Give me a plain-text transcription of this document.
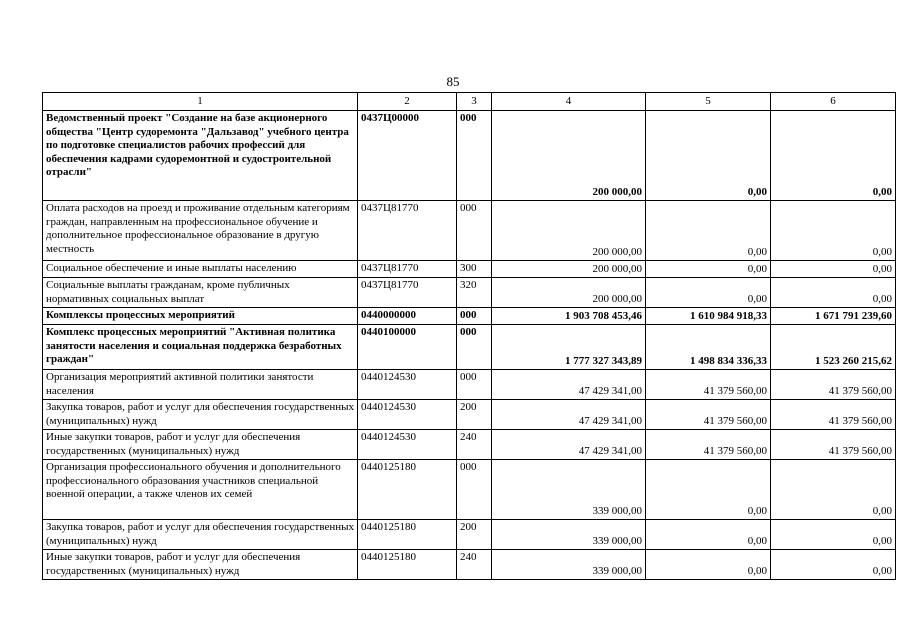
85
1	2	3	4	5	6
Ведомственный проект "Создание на базе акционерного общества "Центр судоремонта "Дальзавод" учебного центра по подготовке специалистов рабочих профессий для обеспечения кадрами судоремонтной и судостроительной отрасли"	0437Ц00000	000	200 000,00	0,00	0,00
Оплата расходов на проезд и проживание отдельным категориям граждан, направленным на профессиональное обучение и дополнительное профессиональное образование в другую местность	0437Ц81770	000	200 000,00	0,00	0,00
Социальное обеспечение и иные выплаты населению	0437Ц81770	300	200 000,00	0,00	0,00
Социальные выплаты гражданам, кроме публичных нормативных социальных выплат	0437Ц81770	320	200 000,00	0,00	0,00
Комплексы процессных мероприятий	0440000000	000	1 903 708 453,46	1 610 984 918,33	1 671 791 239,60
Комплекс процессных мероприятий "Активная политика занятости населения и социальная поддержка безработных граждан"	0440100000	000	1 777 327 343,89	1 498 834 336,33	1 523 260 215,62
Организация мероприятий активной политики занятости населения	0440124530	000	47 429 341,00	41 379 560,00	41 379 560,00
Закупка товаров, работ и услуг для обеспечения государственных (муниципальных) нужд	0440124530	200	47 429 341,00	41 379 560,00	41 379 560,00
Иные закупки товаров, работ и услуг для обеспечения государственных (муниципальных) нужд	0440124530	240	47 429 341,00	41 379 560,00	41 379 560,00
Организация профессионального обучения и дополнительного профессионального образования участников специальной военной операции, а также членов их семей	0440125180	000	339 000,00	0,00	0,00
Закупка товаров, работ и услуг для обеспечения государственных (муниципальных) нужд	0440125180	200	339 000,00	0,00	0,00
Иные закупки товаров, работ и услуг для обеспечения государственных (муниципальных) нужд	0440125180	240	339 000,00	0,00	0,00
